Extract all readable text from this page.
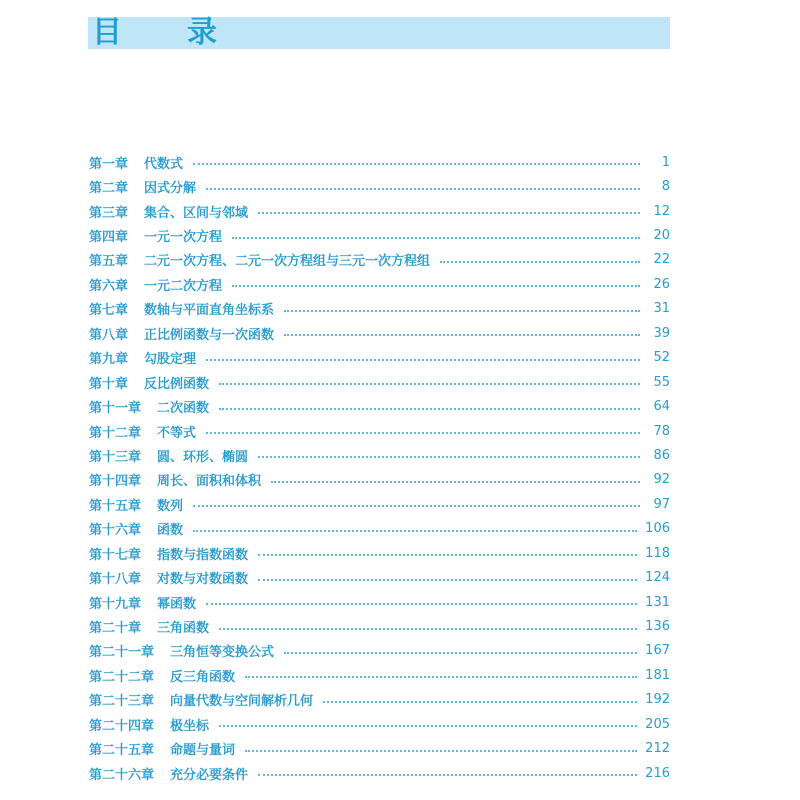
目 录
第一章 代数式	1
第二章 因式分解	8
第三章 集合、区间与邻域	12
第四章 一元一次方程	20
第五章 二元一次方程、二元一次方程组与三元一次方程组	22
第六章 一元二次方程	26
第七章 数轴与平面直角坐标系	31
第八章 正比例函数与一次函数	39
第九章 勾股定理	52
第十章 反比例函数	55
第十一章 二次函数	64
第十二章 不等式	78
第十三章 圆、环形、椭圆	86
第十四章 周长、面积和体积	92
第十五章 数列	97
第十六章 函数	106
第十七章 指数与指数函数	118
第十八章 对数与对数函数	124
第十九章 幂函数	131
第二十章 三角函数	136
第二十一章 三角恒等变换公式	167
第二十二章 反三角函数	181
第二十三章 向量代数与空间解析几何	192
第二十四章 极坐标	205
第二十五章 命题与量词	212
第二十六章 充分必要条件	216
